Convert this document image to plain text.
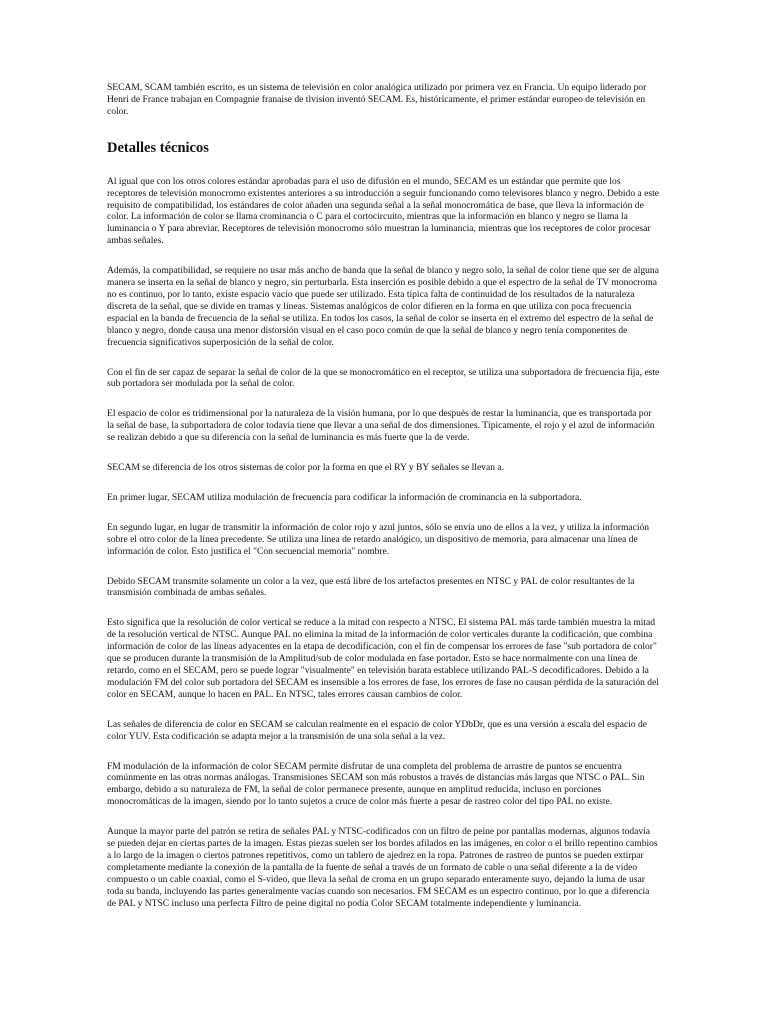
SECAM, SCAM también escrito, es un sistema de televisión en color analógica utilizado por primera vez en Francia. Un equipo liderado por Henri de France trabajan en Compagnie franaise de tlvision inventó SECAM. Es, históricamente, el primer estándar europeo de televisión en color.

Detalles técnicos

Al igual que con los otros colores estándar aprobadas para el uso de difusión en el mundo, SECAM es un estándar que permite que los receptores de televisión monocromo existentes anteriores a su introducción a seguir funcionando como televisores blanco y negro. Debido a este requisito de compatibilidad, los estándares de color añaden una segunda señal a la señal monocromática de base, que lleva la información de color. La información de color se llama crominancia o C para el cortocircuito, mientras que la información en blanco y negro se llama la luminancia o Y para abreviar. Receptores de televisión monocromo sólo muestran la luminancia, mientras que los receptores de color procesar ambas señales.

Además, la compatibilidad, se requiere no usar más ancho de banda que la señal de blanco y negro solo, la señal de color tiene que ser de alguna manera se inserta en la señal de blanco y negro, sin perturbarla. Esta inserción es posible debido a que el espectro de la señal de TV monocroma no es continuo, por lo tanto, existe espacio vacío que puede ser utilizado. Esta típica falta de continuidad de los resultados de la naturaleza discreta de la señal, que se divide en tramas y líneas. Sistemas analógicos de color difieren en la forma en que utiliza con poca frecuencia espacial en la banda de frecuencia de la señal se utiliza. En todos los casos, la señal de color se inserta en el extremo del espectro de la señal de blanco y negro, donde causa una menor distorsión visual en el caso poco común de que la señal de blanco y negro tenía componentes de frecuencia significativos superposición de la señal de color.

Con el fin de ser capaz de separar la señal de color de la que se monocromático en el receptor, se utiliza una subportadora de frecuencia fija, este sub portadora ser modulada por la señal de color.

El espacio de color es tridimensional por la naturaleza de la visión humana, por lo que después de restar la luminancia, que es transportada por la señal de base, la subportadora de color todavía tiene que llevar a una señal de dos dimensiones. Típicamente, el rojo y el azul de información se realizan debido a que su diferencia con la señal de luminancia es más fuerte que la de verde.

SECAM se diferencia de los otros sistemas de color por la forma en que el RY y BY señales se llevan a.

En primer lugar, SECAM utiliza modulación de frecuencia para codificar la información de crominancia en la subportadora.

En segundo lugar, en lugar de transmitir la información de color rojo y azul juntos, sólo se envía uno de ellos a la vez, y utiliza la información sobre el otro color de la línea precedente. Se utiliza una línea de retardo analógico, un dispositivo de memoria, para almacenar una línea de información de color. Esto justifica el "Con secuencial memoria" nombre.

Debido SECAM transmite solamente un color a la vez, que está libre de los artefactos presentes en NTSC y PAL de color resultantes de la transmisión combinada de ambas señales.

Esto significa que la resolución de color vertical se reduce a la mitad con respecto a NTSC. El sistema PAL más tarde también muestra la mitad de la resolución vertical de NTSC. Aunque PAL no elimina la mitad de la información de color verticales durante la codificación, que combina información de color de las líneas adyacentes en la etapa de decodificación, con el fin de compensar los errores de fase "sub portadora de color" que se producen durante la transmisión de la Amplitud/sub de color modulada en fase portador. Esto se hace normalmente con una línea de retardo, como en el SECAM, pero se puede lograr "visualmente" en televisión barata establece utilizando PAL-S decodificadores. Debido a la modulación FM del color sub portadora del SECAM es insensible a los errores de fase, los errores de fase no causan pérdida de la saturación del color en SECAM, aunque lo hacen en PAL. En NTSC, tales errores causan cambios de color.

Las señales de diferencia de color en SECAM se calculan realmente en el espacio de color YDbDr, que es una versión a escala del espacio de color YUV. Esta codificación se adapta mejor a la transmisión de una sola señal a la vez.

FM modulación de la información de color SECAM permite disfrutar de una completa del problema de arrastre de puntos se encuentra comúnmente en las otras normas análogas. Transmisiones SECAM son más robustos a través de distancias más largas que NTSC o PAL. Sin embargo, debido a su naturaleza de FM, la señal de color permanece presente, aunque en amplitud reducida, incluso en porciones monocromáticas de la imagen, siendo por lo tanto sujetos a cruce de color más fuerte a pesar de rastreo color del tipo PAL no existe.

Aunque la mayor parte del patrón se retira de señales PAL y NTSC-codificados con un filtro de peine por pantallas modernas, algunos todavía se pueden dejar en ciertas partes de la imagen. Estas piezas suelen ser los bordes afilados en las imágenes, en color o el brillo repentino cambios a lo largo de la imagen o ciertos patrones repetitivos, como un tablero de ajedrez en la ropa. Patrones de rastreo de puntos se pueden extirpar completamente mediante la conexión de la pantalla de la fuente de señal a través de un formato de cable o una señal diferente a la de vídeo compuesto o un cable coaxial, como el S-video, que lleva la señal de croma en un grupo separado enteramente suyo, dejando la luma de usar toda su banda, incluyendo las partes generalmente vacías cuando son necesarios. FM SECAM es un espectro continuo, por lo que a diferencia de PAL y NTSC incluso una perfecta Filtro de peine digital no podía Color SECAM totalmente independiente y luminancia.
